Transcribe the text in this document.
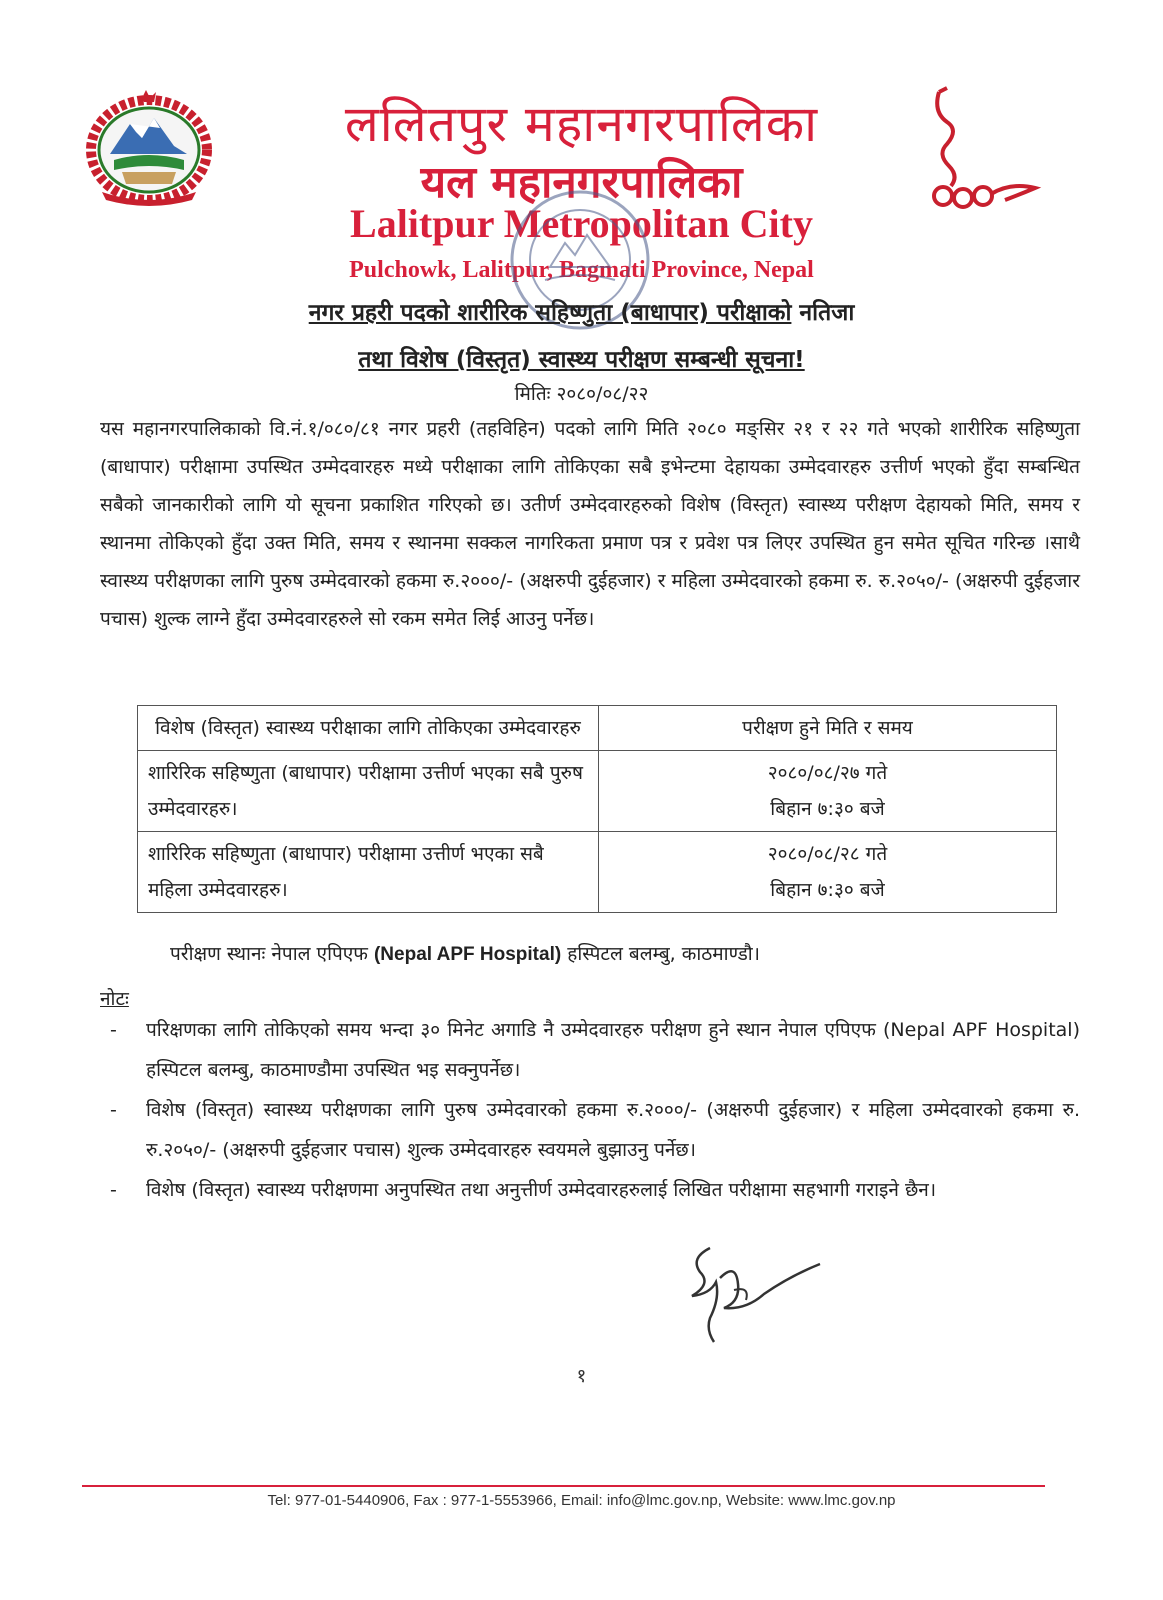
ललितपुर महानगरपालिका
यल महानगरपालिका
Lalitpur Metropolitan City
Pulchowk, Lalitpur, Bagmati Province, Nepal
नगर प्रहरी पदको शारीरिक सहिष्णुता (बाधापार) परीक्षाको नतिजा
तथा विशेष (विस्तृत) स्वास्थ्य परीक्षण सम्बन्धी सूचना!
मितिः २०८०/०८/२२
यस महानगरपालिकाको वि.नं.१/०८०/८१ नगर प्रहरी (तहविहिन) पदको लागि मिति २०८० मङ्सिर २१ र २२ गते भएको शारीरिक सहिष्णुता (बाधापार) परीक्षामा उपस्थित उम्मेदवारहरु मध्ये परीक्षाका लागि तोकिएका सबै इभेन्टमा देहायका उम्मेदवारहरु उत्तीर्ण भएको हुँदा सम्बन्धित सबैको जानकारीको लागि यो सूचना प्रकाशित गरिएको छ। उतीर्ण उम्मेदवारहरुको विशेष (विस्तृत) स्वास्थ्य परीक्षण देहायको मिति, समय र स्थानमा तोकिएको हुँदा उक्त मिति, समय र स्थानमा सक्कल नागरिकता प्रमाण पत्र र प्रवेश पत्र लिएर उपस्थित हुन समेत सूचित गरिन्छ ।साथै स्वास्थ्य परीक्षणका लागि पुरुष उम्मेदवारको हकमा रु.२०००/- (अक्षरुपी दुईहजार) र महिला उम्मेदवारको हकमा रु. रु.२०५०/- (अक्षरुपी दुईहजार पचास) शुल्क लाग्ने हुँदा उम्मेदवारहरुले सो रकम समेत लिई आउनु पर्नेछ।
विशेष (विस्तृत) स्वास्थ्य परीक्षाका लागि तोकिएका उम्मेदवारहरु	परीक्षण हुने मिति र समय
शारिरिक सहिष्णुता (बाधापार) परीक्षामा उत्तीर्ण भएका सबै पुरुष उम्मेदवारहरु।	२०८०/०८/२७ गते
बिहान ७:३० बजे

शारिरिक सहिष्णुता (बाधापार) परीक्षामा उत्तीर्ण भएका सबै महिला उम्मेदवारहरु।	२०८०/०८/२८ गते
बिहान ७:३० बजे
परीक्षण स्थानः नेपाल एपिएफ (Nepal APF Hospital) हस्पिटल बलम्बु, काठमाण्डौ।
नोटः
- परिक्षणका लागि तोकिएको समय भन्दा ३० मिनेट अगाडि नै उम्मेदवारहरु परीक्षण हुने स्थान नेपाल एपिएफ (Nepal APF Hospital) हस्पिटल बलम्बु, काठमाण्डौमा उपस्थित भइ सक्नुपर्नेछ।
- विशेष (विस्तृत) स्वास्थ्य परीक्षणका लागि पुरुष उम्मेदवारको हकमा रु.२०००/- (अक्षरुपी दुईहजार) र महिला उम्मेदवारको हकमा रु. रु.२०५०/- (अक्षरुपी दुईहजार पचास) शुल्क उम्मेदवारहरु स्वयमले बुझाउनु पर्नेछ।
- विशेष (विस्तृत) स्वास्थ्य परीक्षणमा अनुपस्थित तथा अनुत्तीर्ण उम्मेदवारहरुलाई लिखित परीक्षामा सहभागी गराइने छैन।
१
Tel: 977-01-5440906, Fax : 977-1-5553966, Email: info@lmc.gov.np, Website: www.lmc.gov.np
